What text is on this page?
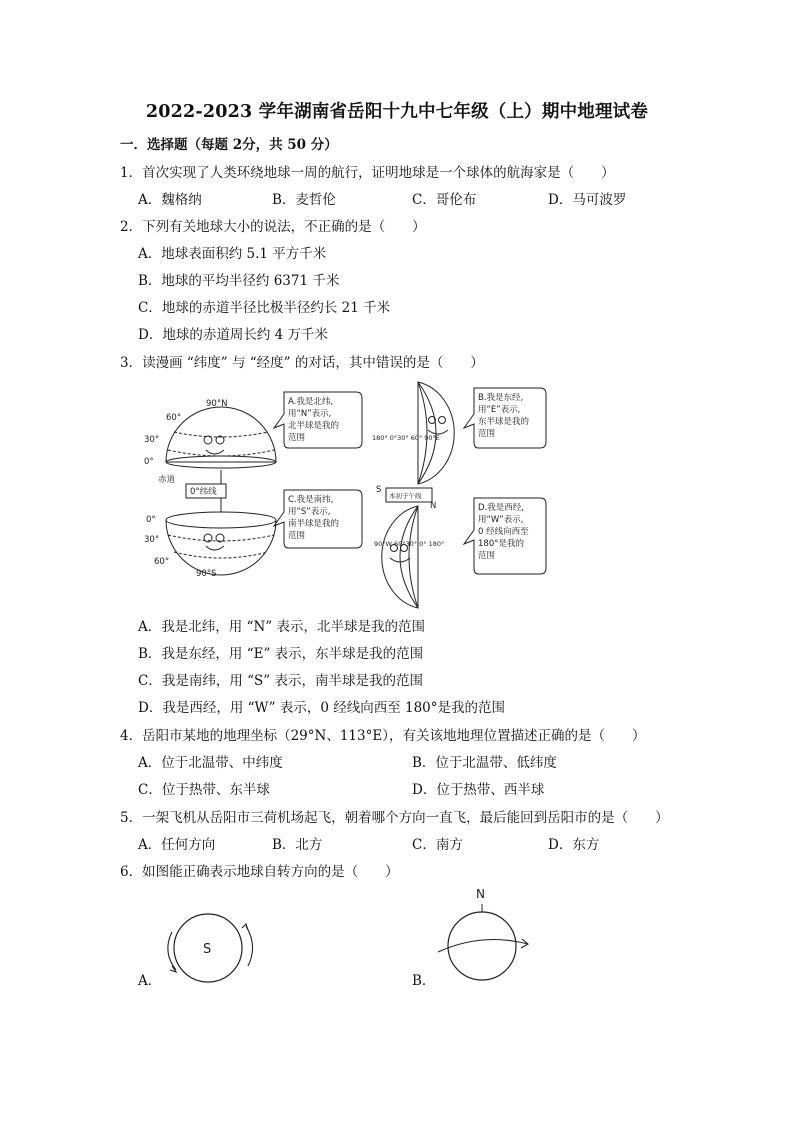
2022-2023 学年湖南省岳阳十九中七年级（上）期中地理试卷
一．选择题（每题 2分，共 50 分）
1．首次实现了人类环绕地球一周的航行，证明地球是一个球体的航海家是（　　）
A．魏格纳	B．麦哲伦	C．哥伦布	D．马可波罗
2．下列有关地球大小的说法，不正确的是（　　）
A．地球表面积约 5.1 平方千米
B．地球的平均半径约 6371 千米
C．地球的赤道半径比极半径约长 21 千米
D．地球的赤道周长约 4 万千米
3．读漫画 “纬度” 与 “经度” 的对话，其中错误的是（　　）
90°N
60°
30°
0°
赤道
0°纬线
0°
30°
60°
90°S
A.我是北纬,
用“N”表示,
北半球是我的
范围
C.我是南纬,
用“S”表示,
南半球是我的
范围
180° 0°30° 60° 90°E
S
本初子午线
N
90°W 60°30° 0° 180°
B.我是东经,
用“E”表示,
东半球是我的
范围
D.我是西经,
用“W”表示,
0 经线向西至
180°是我的
范围
A．我是北纬，用 “N” 表示，北半球是我的范围
B．我是东经，用 “E” 表示，东半球是我的范围
C．我是南纬，用 “S” 表示，南半球是我的范围
D．我是西经，用 “W” 表示，0 经线向西至 180°是我的范围
4．岳阳市某地的地理坐标（29°N、113°E），有关该地地理位置描述正确的是（　　）
A．位于北温带、中纬度	B．位于北温带、低纬度
C．位于热带、东半球	D．位于热带、西半球
5．一架飞机从岳阳市三荷机场起飞，朝着哪个方向一直飞，最后能回到岳阳市的是（　　）
A．任何方向	B．北方	C．南方	D．东方
6．如图能正确表示地球自转方向的是（　　）
S
A．
N
B．
